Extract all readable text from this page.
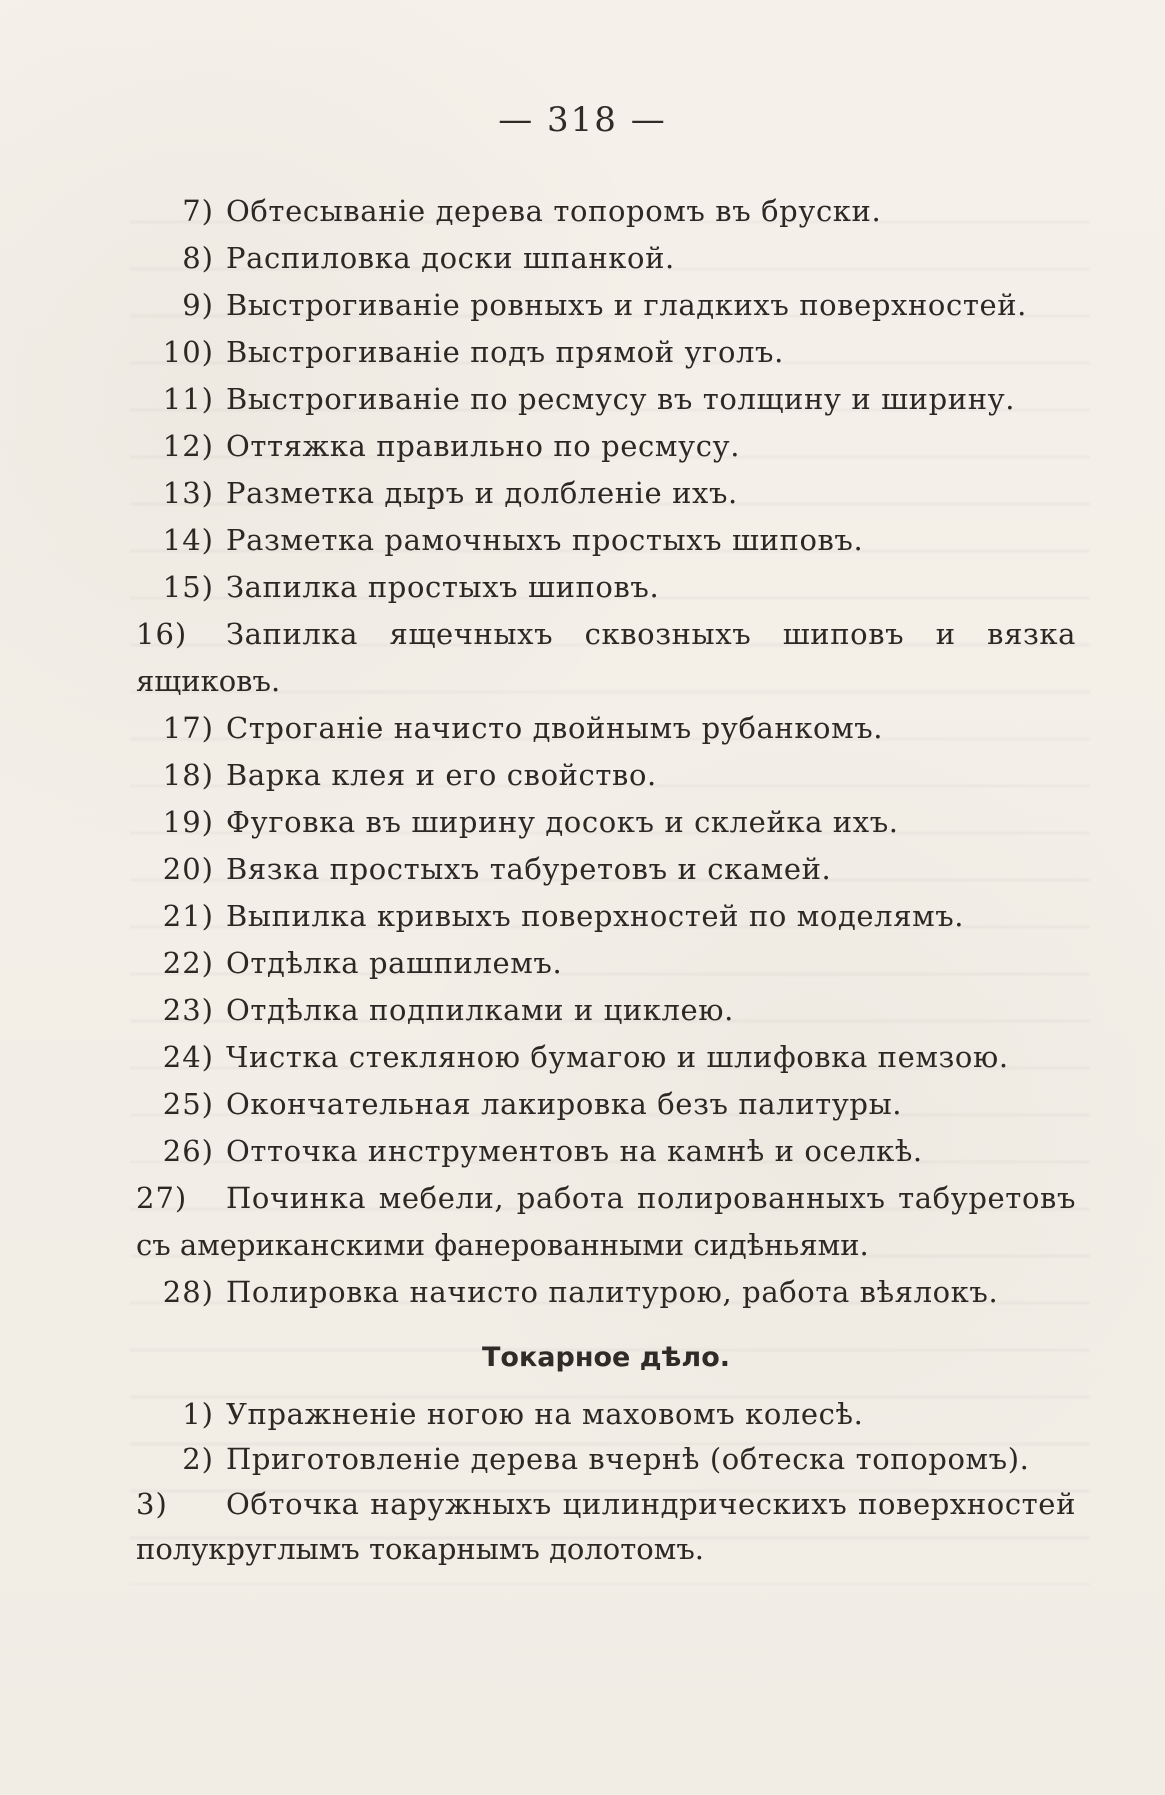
— 318 —
7) Обтесываніе дерева топоромъ въ бруски.
8) Распиловка доски шпанкой.
9) Выстрогиваніе ровныхъ и гладкихъ поверхностей.
10) Выстрогиваніе подъ прямой уголъ.
11) Выстрогиваніе по ресмусу въ толщину и ширину.
12) Оттяжка правильно по ресмусу.
13) Разметка дыръ и долбленіе ихъ.
14) Разметка рамочныхъ простыхъ шиповъ.
15) Запилка простыхъ шиповъ.
16) Запилка ящечныхъ сквозныхъ шиповъ и вязка
ящиковъ.
17) Строганіе начисто двойнымъ рубанкомъ.
18) Варка клея и его свойство.
19) Фуговка въ ширину досокъ и склейка ихъ.
20) Вязка простыхъ табуретовъ и скамей.
21) Выпилка кривыхъ поверхностей по моделямъ.
22) Отдѣлка рашпилемъ.
23) Отдѣлка подпилками и циклею.
24) Чистка стекляною бумагою и шлифовка пемзою.
25) Окончательная лакировка безъ палитуры.
26) Отточка инструментовъ на камнѣ и оселкѣ.
27) Починка мебели, работа полированныхъ табуретовъ
съ американскими фанерованными сидѣньями.
28) Полировка начисто палитурою, работа вѣялокъ.
Токарное дѣло.
1) Упражненіе ногою на маховомъ колесѣ.
2) Приготовленіе дерева вчернѣ (обтеска топоромъ).
3) Обточка наружныхъ цилиндрическихъ поверхностей
полукруглымъ токарнымъ долотомъ.
